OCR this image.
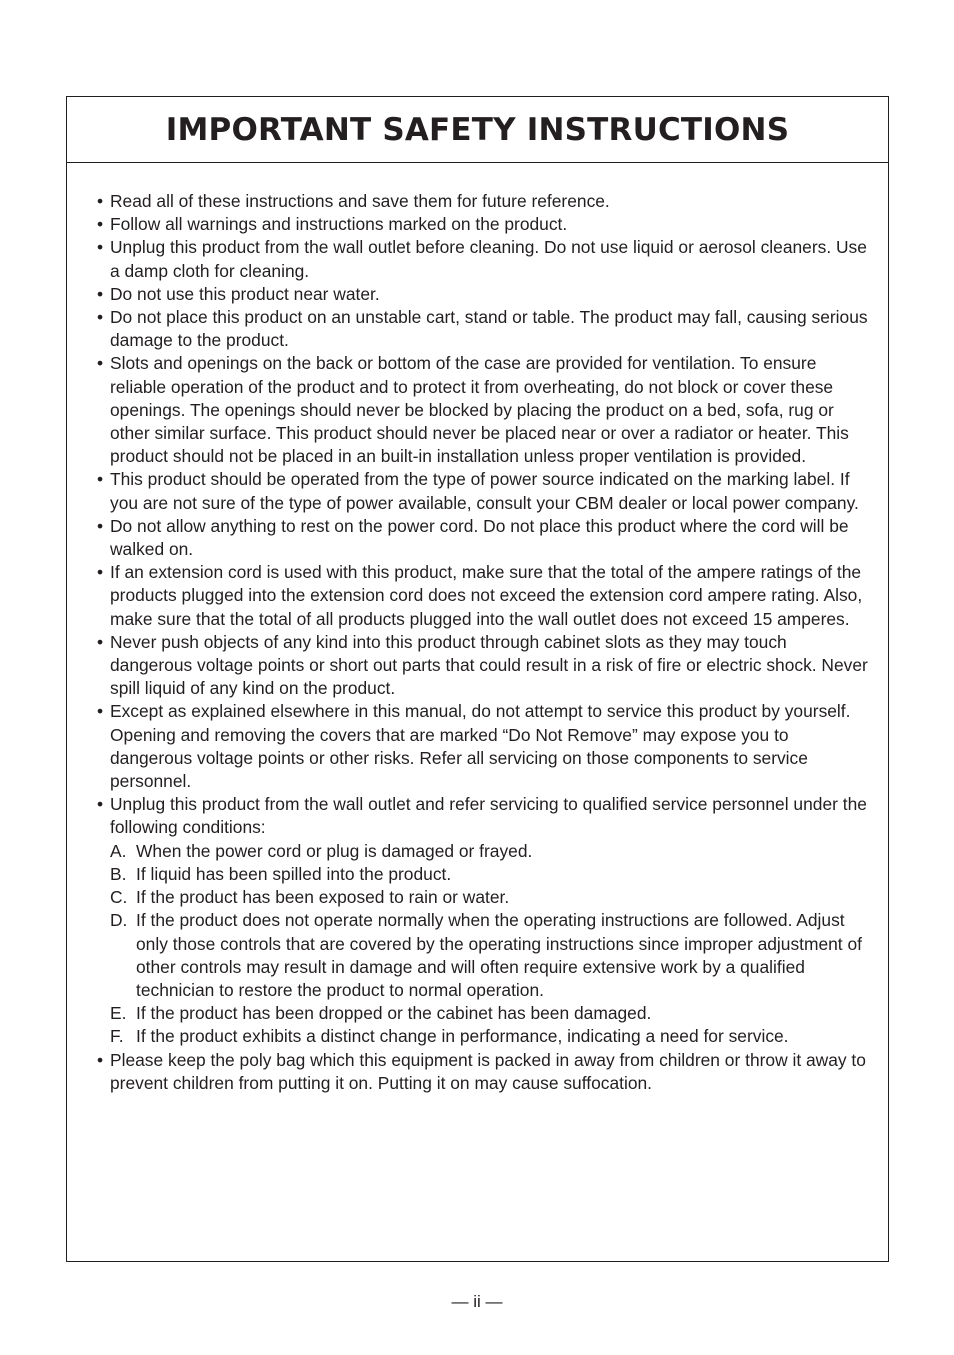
IMPORTANT SAFETY INSTRUCTIONS
• Read all of these instructions and save them for future reference.
• Follow all warnings and instructions marked on the product.
• Unplug this product from the wall outlet before cleaning. Do not use liquid or aerosol cleaners. Use a damp cloth for cleaning.
• Do not use this product near water.
• Do not place this product on an unstable cart, stand or table. The product may fall, causing serious damage to the product.
• Slots and openings on the back or bottom of the case are provided for ventilation. To ensure reliable operation of the product and to protect it from overheating, do not block or cover these openings. The openings should never be blocked by placing the product on a bed, sofa, rug or other similar surface. This product should never be placed near or over a radiator or heater. This product should not be placed in an built-in installation unless proper ventilation is provided.
• This product should be operated from the type of power source indicated on the marking label. If you are not sure of the type of power available, consult your CBM dealer or local power company.
• Do not allow anything to rest on the power cord. Do not place this product where the cord will be walked on.
• If an extension cord is used with this product, make sure that the total of the ampere ratings of the products plugged into the extension cord does not exceed the extension cord ampere rating. Also, make sure that the total of all products plugged into the wall outlet does not exceed 15 amperes.
• Never push objects of any kind into this product through cabinet slots as they may touch dangerous voltage points or short out parts that could result in a risk of fire or electric shock. Never spill liquid of any kind on the product.
• Except as explained elsewhere in this manual, do not attempt to service this product by yourself. Opening and removing the covers that are marked “Do Not Remove” may expose you to dangerous voltage points or other risks. Refer all servicing on those components to service personnel.
• Unplug this product from the wall outlet and refer servicing to qualified service personnel under the following conditions:
A. When the power cord or plug is damaged or frayed.
B. If liquid has been spilled into the product.
C. If the product has been exposed to rain or water.
D. If the product does not operate normally when the operating instructions are followed. Adjust only those controls that are covered by the operating instructions since improper adjustment of other controls may result in damage and will often require extensive work by a qualified technician to restore the product to normal operation.
E. If the product has been dropped or the cabinet has been damaged.
F. If the product exhibits a distinct change in performance, indicating a need for service.
• Please keep the poly bag which this equipment is packed in away from children or throw it away to prevent children from putting it on. Putting it on may cause suffocation.
— ii —
